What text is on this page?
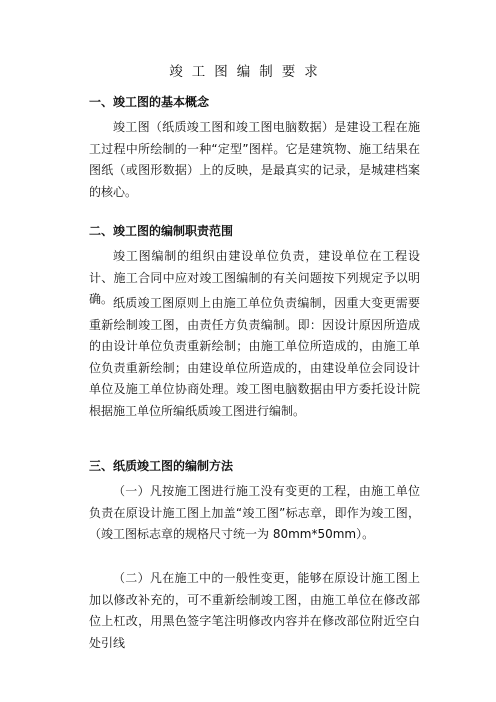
竣工图编制要求
一、竣工图的基本概念
竣工图（纸质竣工图和竣工图电脑数据）是建设工程在施工过程中所绘制的一种“定型”图样。它是建筑物、施工结果在图纸（或图形数据）上的反映，是最真实的记录，是城建档案的核心。
二、竣工图的编制职责范围
竣工图编制的组织由建设单位负责，建设单位在工程设计、施工合同中应对竣工图编制的有关问题按下列规定予以明确。 纸质竣工图原则上由施工单位负责编制，因重大变更需要重新绘制竣工图，由责任方负责编制。即：因设计原因所造成的由设计单位负责重新绘制；由施工单位所造成的，由施工单位负责重新绘制；由建设单位所造成的，由建设单位会同设计单位及施工单位协商处理。竣工图电脑数据由甲方委托设计院根据施工单位所编纸质竣工图进行编制。
三、纸质竣工图的编制方法
（一）凡按施工图进行施工没有变更的工程，由施工单位负责在原设计施工图上加盖“竣工图”标志章，即作为竣工图，（竣工图标志章的规格尺寸统一为 80mm*50mm）。
（二）凡在施工中的一般性变更，能够在原设计施工图上加以修改补充的，可不重新绘制竣工图，由施工单位在修改部位上杠改，用黑色签字笔注明修改内容并在修改部位附近空白处引线
